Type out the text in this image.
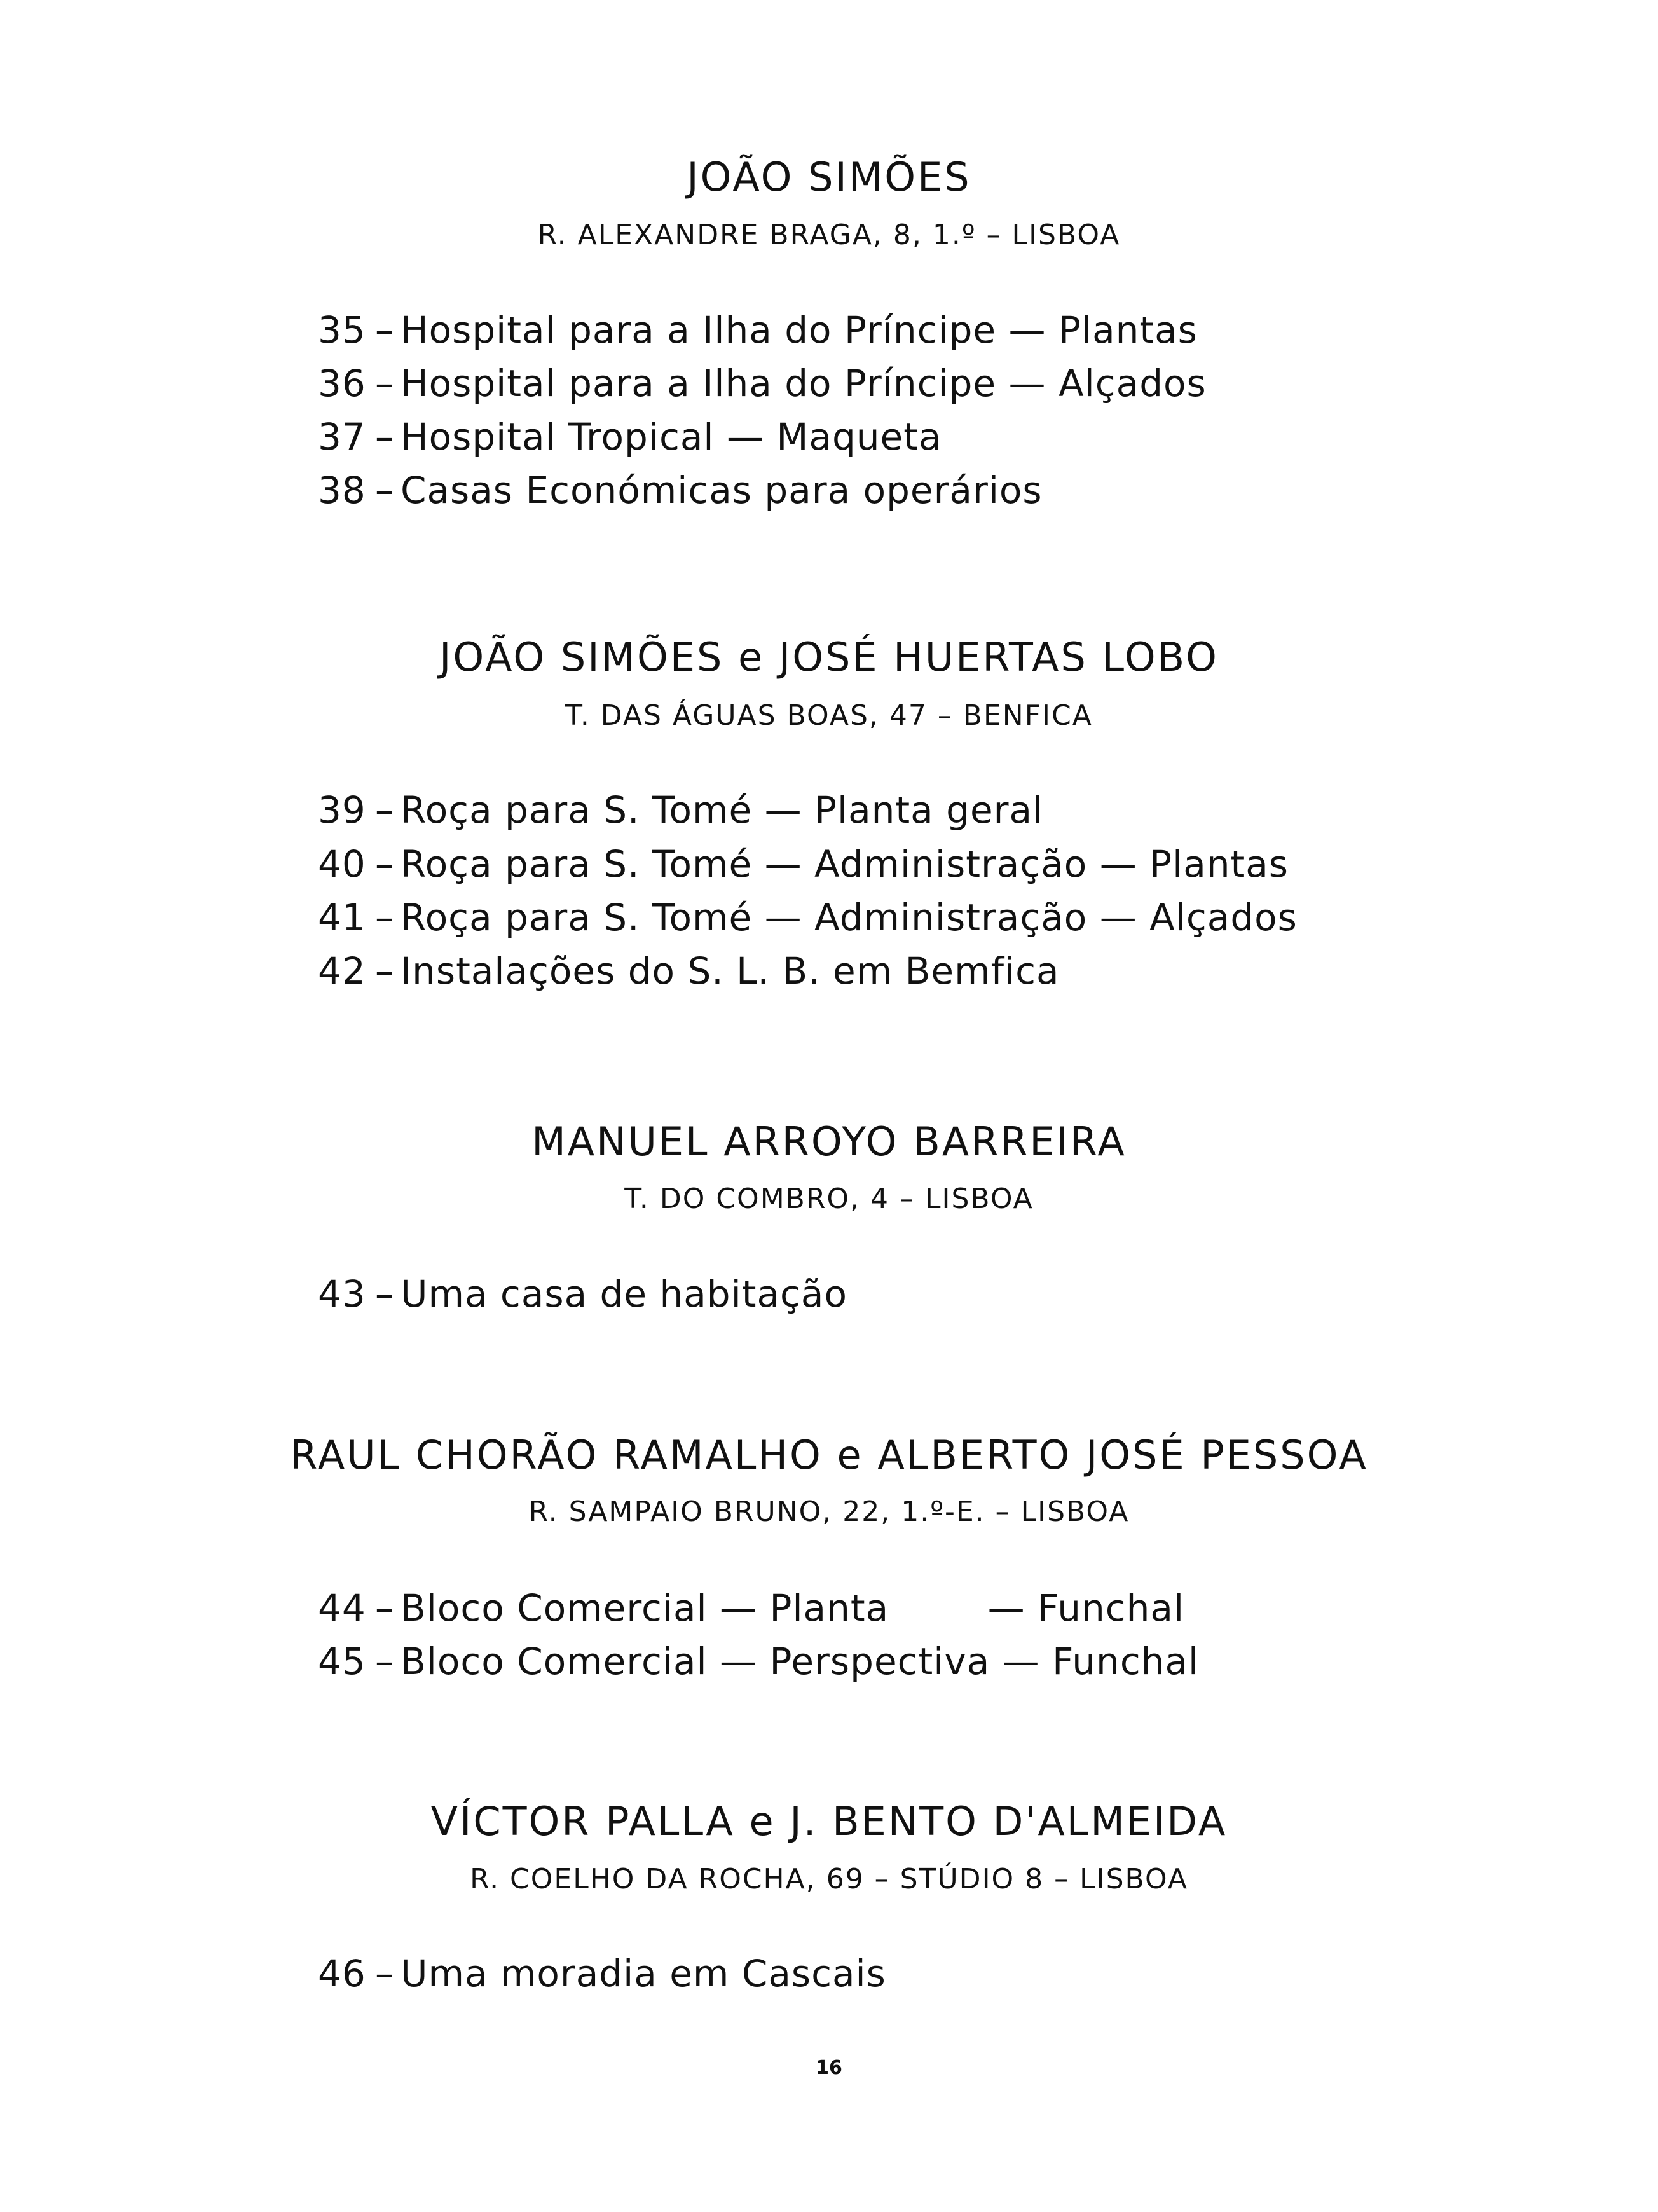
JOÃO SIMÕES
R. ALEXANDRE BRAGA, 8, 1.º – LISBOA
35 – Hospital para a Ilha do Príncipe — Plantas
36 – Hospital para a Ilha do Príncipe — Alçados
37 – Hospital Tropical — Maqueta
38 – Casas Económicas para operários
JOÃO SIMÕES e JOSÉ HUERTAS LOBO
T. DAS ÁGUAS BOAS, 47 – BENFICA
39 – Roça para S. Tomé — Planta geral
40 – Roça para S. Tomé — Administração — Plantas
41 – Roça para S. Tomé — Administração — Alçados
42 – Instalações do S. L. B. em Bemfica
MANUEL ARROYO BARREIRA
T. DO COMBRO, 4 – LISBOA
43 – Uma casa de habitação
RAUL CHORÃO RAMALHO e ALBERTO JOSÉ PESSOA
R. SAMPAIO BRUNO, 22, 1.º-E. – LISBOA
44 – Bloco Comercial — Planta        — Funchal
45 – Bloco Comercial — Perspectiva — Funchal
VÍCTOR PALLA e J. BENTO D'ALMEIDA
R. COELHO DA ROCHA, 69 – STÚDIO 8 – LISBOA
46 – Uma moradia em Cascais
16
